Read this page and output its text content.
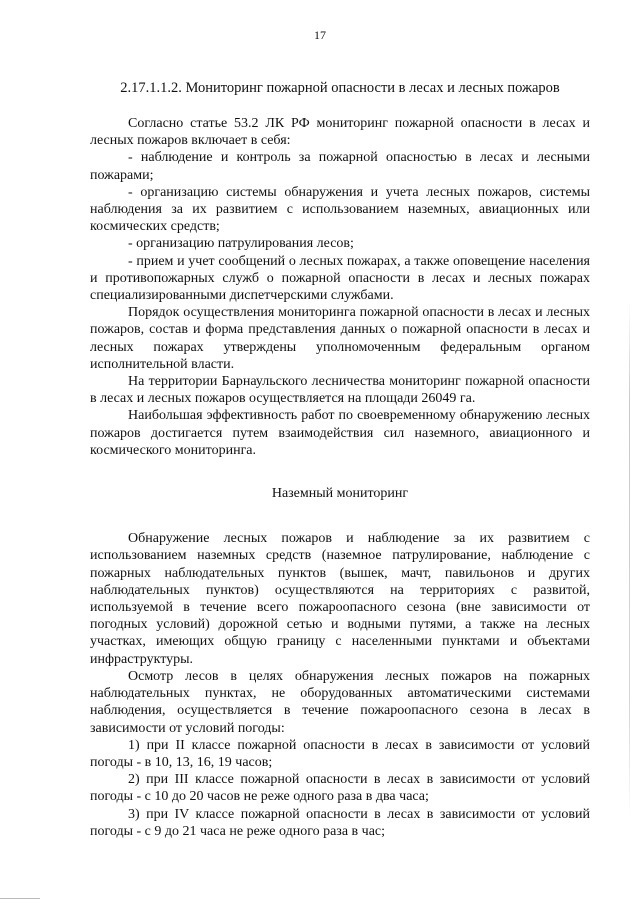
17
2.17.1.1.2. Мониторинг пожарной опасности в лесах и лесных пожаров

Согласно статье 53.2 ЛК РФ мониторинг пожарной опасности в лесах и лесных пожаров включает в себя:

- наблюдение и контроль за пожарной опасностью в лесах и лесными пожарами;

- организацию системы обнаружения и учета лесных пожаров, системы наблюдения за их развитием с использованием наземных, авиационных или космических средств;

- организацию патрулирования лесов;

- прием и учет сообщений о лесных пожарах, а также оповещение населения и противопожарных служб о пожарной опасности в лесах и лесных пожарах специализированными диспетчерскими службами.

Порядок осуществления мониторинга пожарной опасности в лесах и лесных пожаров, состав и форма представления данных о пожарной опасности в лесах и лесных пожарах утверждены уполномоченным федеральным органом исполнительной власти.

На территории Барнаульского лесничества мониторинг пожарной опасности в лесах и лесных пожаров осуществляется на площади 26049 га.

Наибольшая эффективность работ по своевременному обнаружению лесных пожаров достигается путем взаимодействия сил наземного, авиационного и космического мониторинга.

Наземный мониторинг

Обнаружение лесных пожаров и наблюдение за их развитием с использованием наземных средств (наземное патрулирование, наблюдение с пожарных наблюдательных пунктов (вышек, мачт, павильонов и других наблюдательных пунктов) осуществляются на территориях с развитой, используемой в течение всего пожароопасного сезона (вне зависимости от погодных условий) дорожной сетью и водными путями, а также на лесных участках, имеющих общую границу с населенными пунктами и объектами инфраструктуры.

Осмотр лесов в целях обнаружения лесных пожаров на пожарных наблюдательных пунктах, не оборудованных автоматическими системами наблюдения, осуществляется в течение пожароопасного сезона в лесах в зависимости от условий погоды:

1) при II классе пожарной опасности в лесах в зависимости от условий погоды - в 10, 13, 16, 19 часов;

2) при III классе пожарной опасности в лесах в зависимости от условий погоды - с 10 до 20 часов не реже одного раза в два часа;

3) при IV классе пожарной опасности в лесах в зависимости от условий погоды - с 9 до 21 часа не реже одного раза в час;
